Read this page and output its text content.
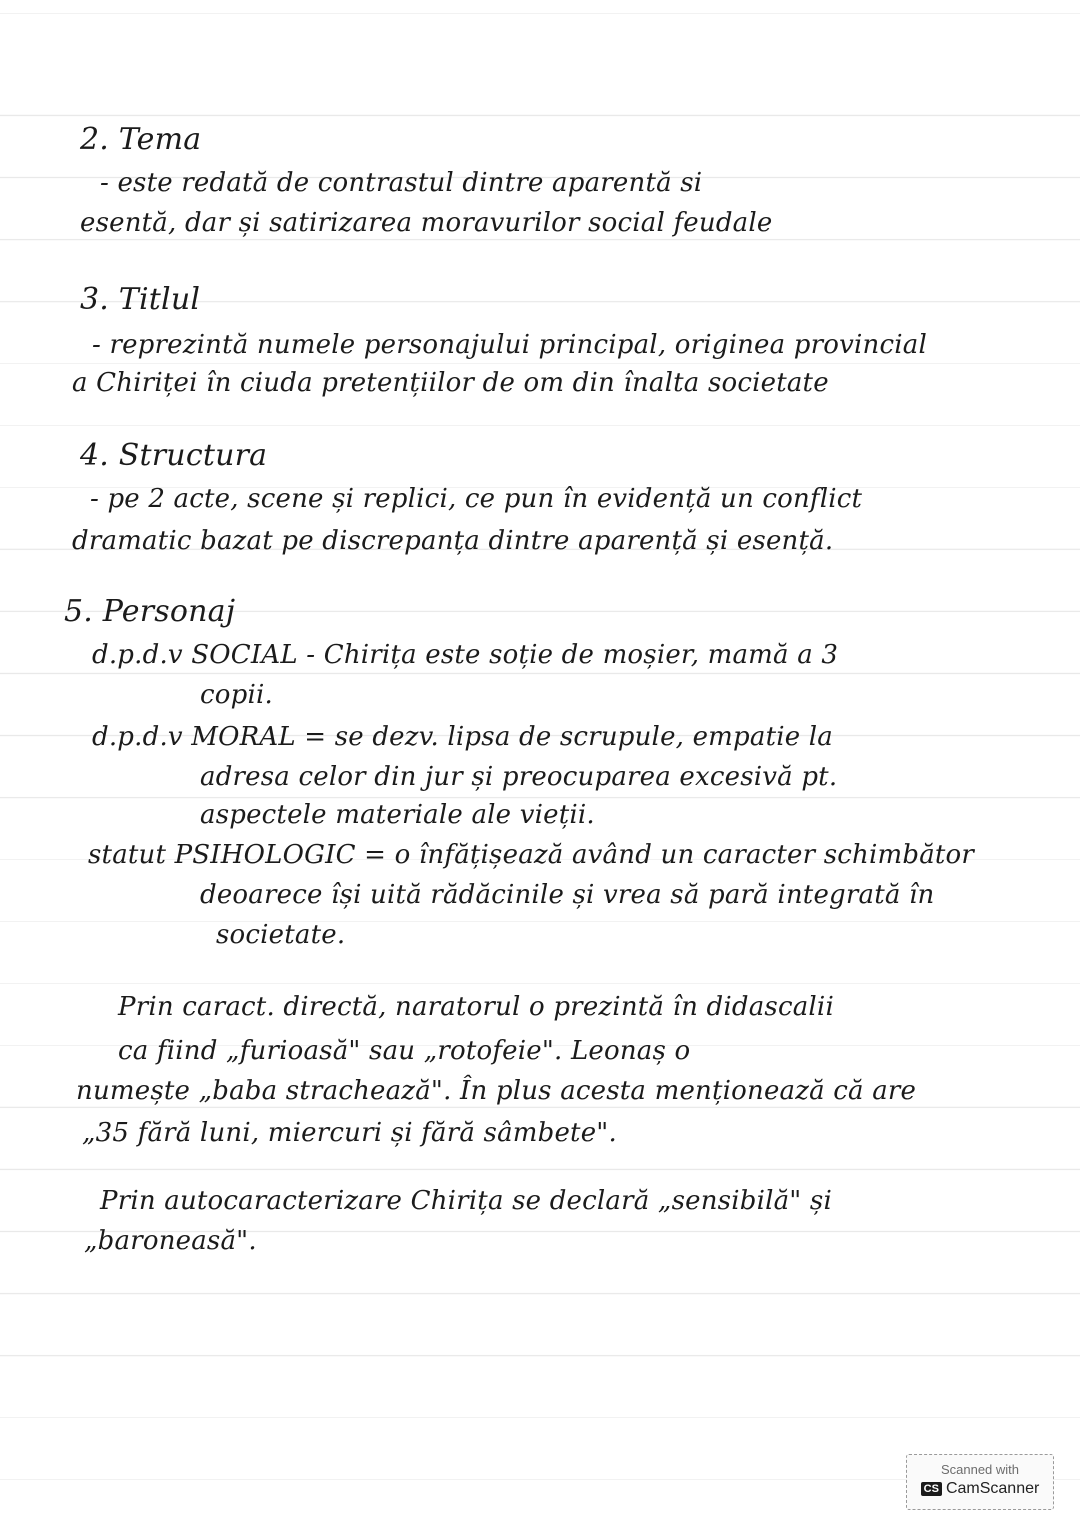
2. Tema
- este redată de contrastul dintre aparentă si
esentă, dar și satirizarea moravurilor social feudale
3. Titlul
- reprezintă numele personajului principal, originea provincial
a Chiriței în ciuda pretențiilor de om din înalta societate
4. Structura
- pe 2 acte, scene și replici, ce pun în evidență un conflict
dramatic bazat pe discrepanța dintre aparență și esență.
5. Personaj
d.p.d.v SOCIAL - Chirița este soție de moșier, mamă a 3
copii.
d.p.d.v MORAL = se dezv. lipsa de scrupule, empatie la
adresa celor din jur și preocuparea excesivă pt.
aspectele materiale ale vieții.
statut PSIHOLOGIC = o înfățișează având un caracter schimbător
deoarece își uită rădăcinile și vrea să pară integrată în
societate.
Prin caract. directă, naratorul o prezintă în didascalii
ca fiind „furioasă" sau „rotofeie". Leonaș o
numește „baba strachează". În plus acesta menționează că are
„35 fără luni, miercuri și fără sâmbete".
Prin autocaracterizare Chirița se declară „sensibilă" și
„baroneasă".
Scanned with
CS CamScanner
